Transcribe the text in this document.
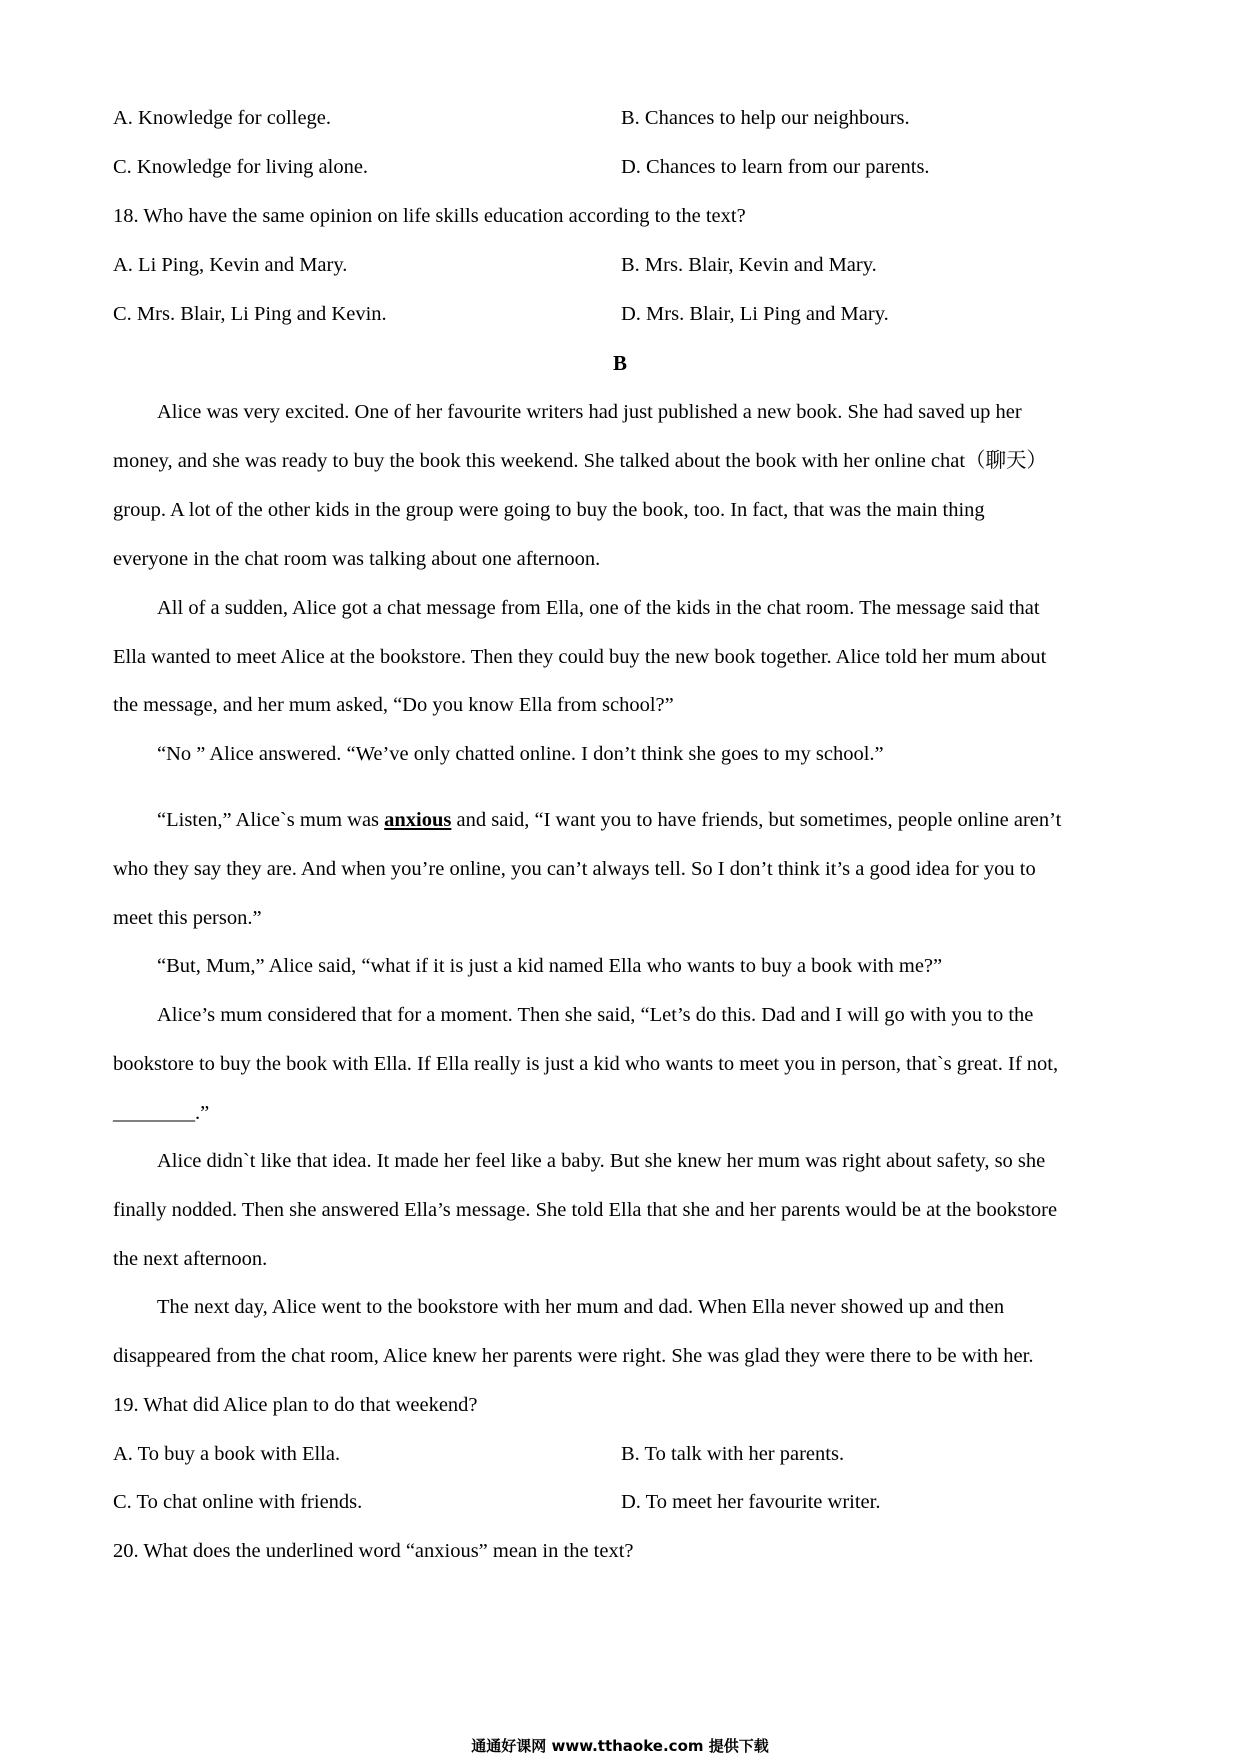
A. Knowledge for college.	B. Chances to help our neighbours.
C. Knowledge for living alone.	D. Chances to learn from our parents.
18. Who have the same opinion on life skills education according to the text?
A. Li Ping, Kevin and Mary.	B. Mrs. Blair, Kevin and Mary.
C. Mrs. Blair, Li Ping and Kevin.	D. Mrs. Blair, Li Ping and Mary.
B
Alice was very excited. One of her favourite writers had just published a new book. She had saved up her
money, and she was ready to buy the book this weekend. She talked about the book with her online chat（聊天）
group. A lot of the other kids in the group were going to buy the book, too. In fact, that was the main thing
everyone in the chat room was talking about one afternoon.
All of a sudden, Alice got a chat message from Ella, one of the kids in the chat room. The message said that
Ella wanted to meet Alice at the bookstore. Then they could buy the new book together. Alice told her mum about
the message, and her mum asked, “Do you know Ella from school?”
“No ” Alice answered. “We’ve only chatted online. I don’t think she goes to my school.”
“Listen,” Alice`s mum was anxious and said, “I want you to have friends, but sometimes, people online aren’t
who they say they are. And when you’re online, you can’t always tell. So I don’t think it’s a good idea for you to
meet this person.”
“But, Mum,” Alice said, “what if it is just a kid named Ella who wants to buy a book with me?”
Alice’s mum considered that for a moment. Then she said, “Let’s do this. Dad and I will go with you to the
bookstore to buy the book with Ella. If Ella really is just a kid who wants to meet you in person, that`s great. If not,
________.”
Alice didn`t like that idea. It made her feel like a baby. But she knew her mum was right about safety, so she
finally nodded. Then she answered Ella’s message. She told Ella that she and her parents would be at the bookstore
the next afternoon.
The next day, Alice went to the bookstore with her mum and dad. When Ella never showed up and then
disappeared from the chat room, Alice knew her parents were right. She was glad they were there to be with her.
19. What did Alice plan to do that weekend?
A. To buy a book with Ella.	B. To talk with her parents.
C. To chat online with friends.	D. To meet her favourite writer.
20. What does the underlined word “anxious” mean in the text?
通通好课网 www.tthaoke.com 提供下载
